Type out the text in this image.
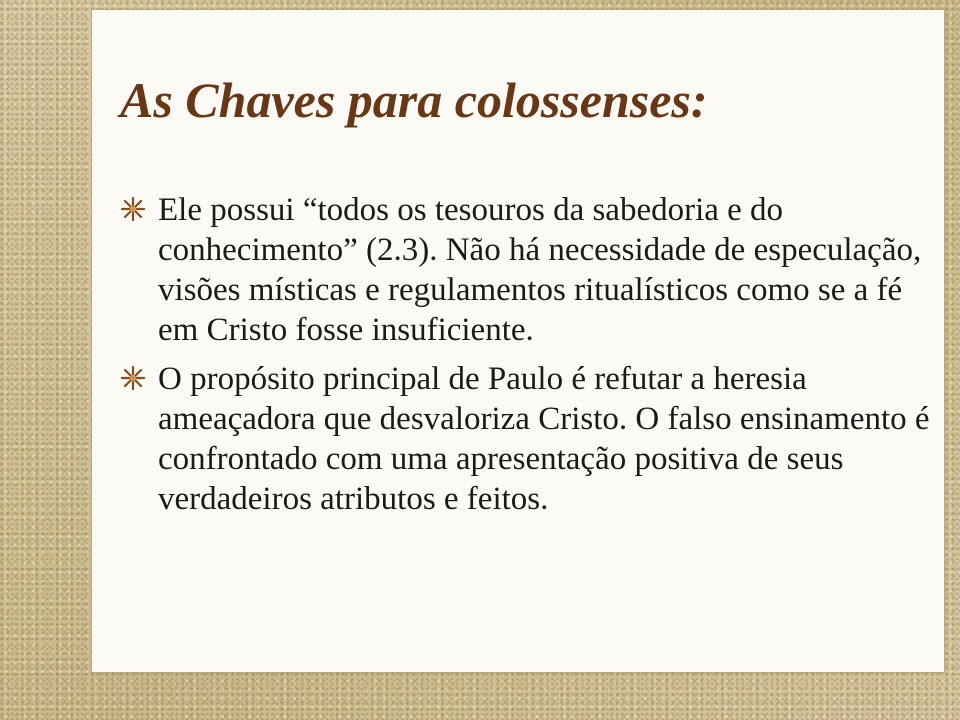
As Chaves para colossenses:
Ele possui “todos os tesouros da sabedoria e do conhecimento” (2.3). Não há necessidade de especulação, visões místicas e regulamentos ritualísticos como se a fé em Cristo fosse insuficiente.
O propósito principal de Paulo é refutar a heresia ameaçadora que desvaloriza Cristo. O falso ensinamento é confrontado com uma apresentação positiva de seus verdadeiros atributos e feitos.
